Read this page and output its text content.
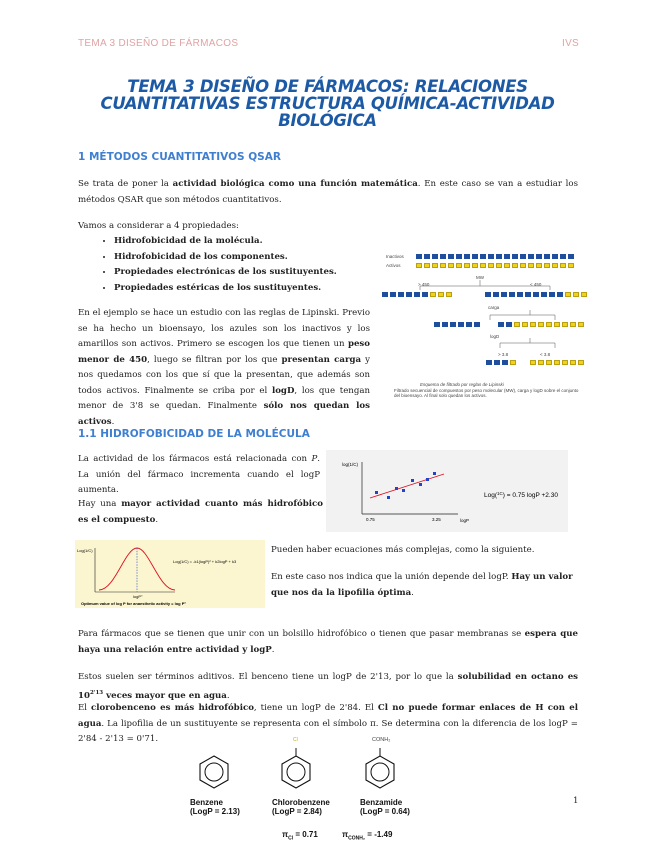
TEMA 3 DISEÑO DE FÁRMACOS	IVS
TEMA 3 DISEÑO DE FÁRMACOS: RELACIONES CUANTITATIVAS ESTRUCTURA QUÍMICA-ACTIVIDAD BIOLÓGICA
1 MÉTODOS CUANTITATIVOS QSAR
Se trata de poner la actividad biológica como una función matemática. En este caso se van a estudiar los métodos QSAR que son métodos cuantitativos.
Vamos a considerar a 4 propiedades:
• Hidrofobicidad de la molécula.
• Hidrofobicidad de los componentes.
• Propiedades electrónicas de los sustituyentes.
• Propiedades estéricas de los sustituyentes.
En el ejemplo se hace un estudio con las reglas de Lipinski. Previo se ha hecho un bioensayo, los azules son los inactivos y los amarillos son activos. Primero se escogen los que tienen un peso menor de 450, luego se filtran por los que presentan carga y nos quedamos con los que sí que la presentan, que además son todos activos. Finalmente se criba por el logD, los que tengan menor de 3'8 se quedan. Finalmente sólo nos quedan los activos.
Inactivos
Activos
MW
> 450	< 450
carga
logD
> 3.8	< 3.8
Esquema de filtrado por reglas de Lipinski
Filtrado secuencial de compuestos por peso molecular (MW), carga y logD sobre el conjunto del bioensayo. Al final solo quedan los activos.
1.1 HIDROFOBICIDAD DE LA MOLÉCULA
La actividad de los fármacos está relacionada con P. La unión del fármaco incrementa cuando el logP aumenta.
Hay una mayor actividad cuanto más hidrofóbico es el compuesto.
log(1/C)
0.75	3.25	logP
Log($^1$C) = 0.75 logP +2.30
Log(1/C)
logP°
Log(1/C) = -k1(logP)² + k2logP + k3
Optimum value of log P for anaesthetic activity = log P°
Pueden haber ecuaciones más complejas, como la siguiente.
En este caso nos indica que la unión depende del logP. Hay un valor que nos da la lipofilia óptima.
Para fármacos que se tienen que unir con un bolsillo hidrofóbico o tienen que pasar membranas se espera que haya una relación entre actividad y logP.
Estos suelen ser términos aditivos. El benceno tiene un logP de 2'13, por lo que la solubilidad en octano es $10^{2'13}$ veces mayor que en agua.
El clorobenceno es más hidrofóbico, tiene un logP de 2'84. El Cl no puede formar enlaces de H con el agua. La lipofilia de un sustituyente se representa con el símbolo π. Se determina con la diferencia de los logP = 2'84 - 2'13 = 0'71.	Cl	CONH₂
Benzene
(LogP = 2.13)
Chlorobenzene
(LogP = 2.84)
Benzamide
(LogP = 0.64)
$\pi_{Cl} = 0.71$	$\pi_{CONH_2} = -1.49$
1
